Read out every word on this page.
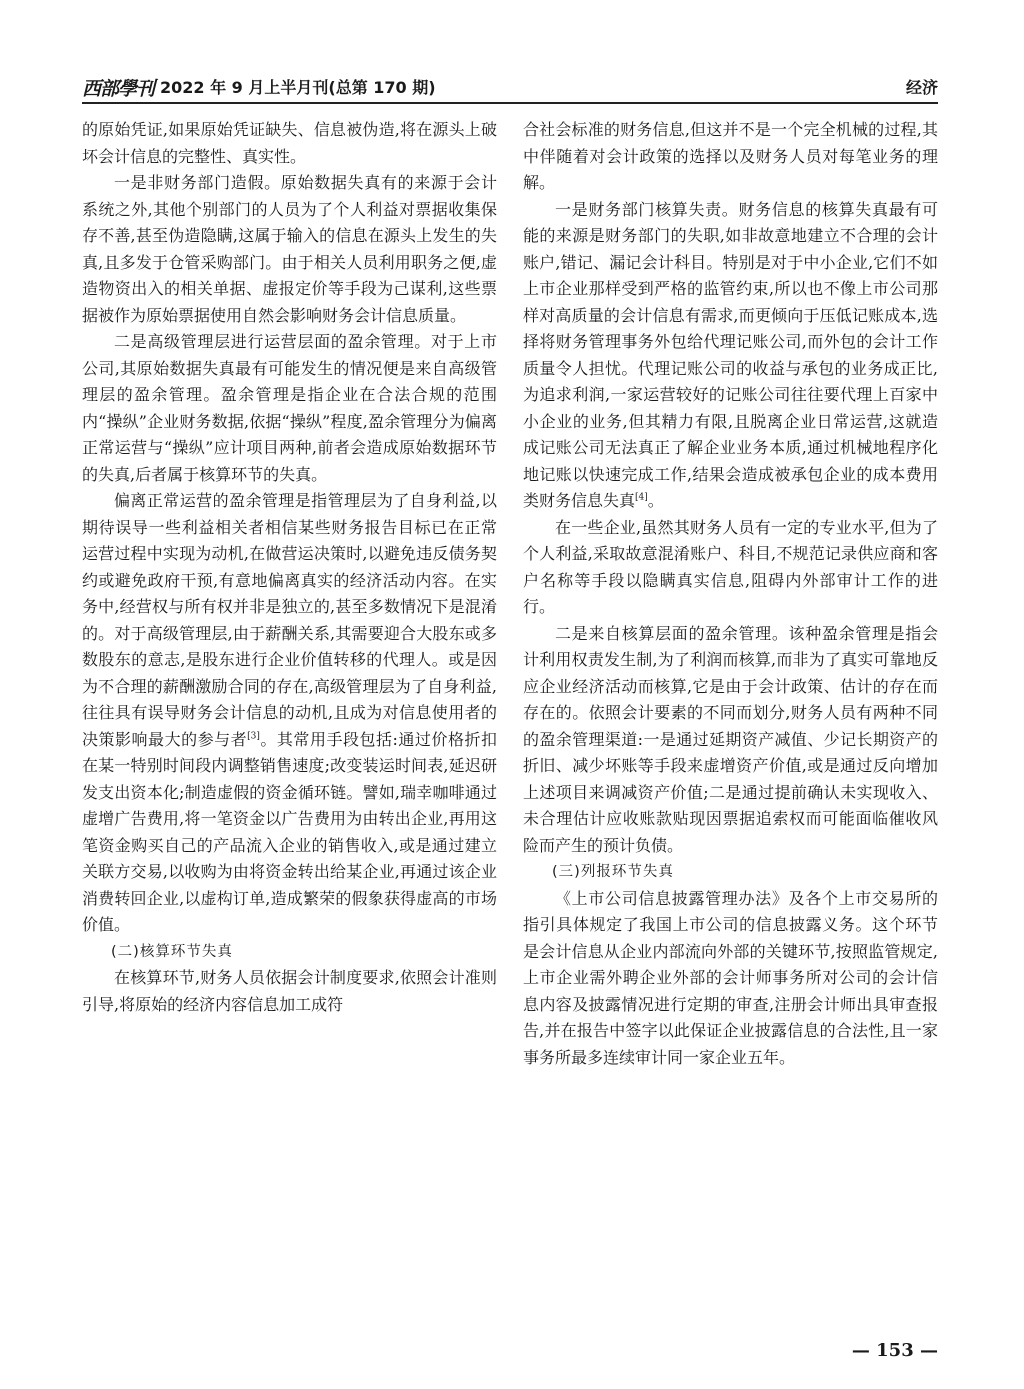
西部學刊 2022 年 9 月上半月刊(总第 170 期)	经济

的原始凭证,如果原始凭证缺失、信息被伪造,将在源头上破坏会计信息的完整性、真实性。

一是非财务部门造假。原始数据失真有的来源于会计系统之外,其他个别部门的人员为了个人利益对票据收集保存不善,甚至伪造隐瞒,这属于输入的信息在源头上发生的失真,且多发于仓管采购部门。由于相关人员利用职务之便,虚造物资出入的相关单据、虚报定价等手段为己谋利,这些票据被作为原始票据使用自然会影响财务会计信息质量。

二是高级管理层进行运营层面的盈余管理。对于上市公司,其原始数据失真最有可能发生的情况便是来自高级管理层的盈余管理。盈余管理是指企业在合法合规的范围内“操纵”企业财务数据,依据“操纵”程度,盈余管理分为偏离正常运营与“操纵”应计项目两种,前者会造成原始数据环节的失真,后者属于核算环节的失真。

偏离正常运营的盈余管理是指管理层为了自身利益,以期待误导一些利益相关者相信某些财务报告目标已在正常运营过程中实现为动机,在做营运决策时,以避免违反债务契约或避免政府干预,有意地偏离真实的经济活动内容。在实务中,经营权与所有权并非是独立的,甚至多数情况下是混淆的。对于高级管理层,由于薪酬关系,其需要迎合大股东或多数股东的意志,是股东进行企业价值转移的代理人。或是因为不合理的薪酬激励合同的存在,高级管理层为了自身利益,往往具有误导财务会计信息的动机,且成为对信息使用者的决策影响最大的参与者[3]。其常用手段包括:通过价格折扣在某一特别时间段内调整销售速度;改变装运时间表,延迟研发支出资本化;制造虚假的资金循环链。譬如,瑞幸咖啡通过虚增广告费用,将一笔资金以广告费用为由转出企业,再用这笔资金购买自己的产品流入企业的销售收入,或是通过建立关联方交易,以收购为由将资金转出给某企业,再通过该企业消费转回企业,以虚构订单,造成繁荣的假象获得虚高的市场价值。

(二)核算环节失真

在核算环节,财务人员依据会计制度要求,依照会计准则引导,将原始的经济内容信息加工成符

合社会标准的财务信息,但这并不是一个完全机械的过程,其中伴随着对会计政策的选择以及财务人员对每笔业务的理解。

一是财务部门核算失责。财务信息的核算失真最有可能的来源是财务部门的失职,如非故意地建立不合理的会计账户,错记、漏记会计科目。特别是对于中小企业,它们不如上市企业那样受到严格的监管约束,所以也不像上市公司那样对高质量的会计信息有需求,而更倾向于压低记账成本,选择将财务管理事务外包给代理记账公司,而外包的会计工作质量令人担忧。代理记账公司的收益与承包的业务成正比,为追求利润,一家运营较好的记账公司往往要代理上百家中小企业的业务,但其精力有限,且脱离企业日常运营,这就造成记账公司无法真正了解企业业务本质,通过机械地程序化地记账以快速完成工作,结果会造成被承包企业的成本费用类财务信息失真[4]。

在一些企业,虽然其财务人员有一定的专业水平,但为了个人利益,采取故意混淆账户、科目,不规范记录供应商和客户名称等手段以隐瞒真实信息,阻碍内外部审计工作的进行。

二是来自核算层面的盈余管理。该种盈余管理是指会计利用权责发生制,为了利润而核算,而非为了真实可靠地反应企业经济活动而核算,它是由于会计政策、估计的存在而存在的。依照会计要素的不同而划分,财务人员有两种不同的盈余管理渠道:一是通过延期资产减值、少记长期资产的折旧、减少坏账等手段来虚增资产价值,或是通过反向增加上述项目来调减资产价值;二是通过提前确认未实现收入、未合理估计应收账款贴现因票据追索权而可能面临催收风险而产生的预计负债。

(三)列报环节失真

《上市公司信息披露管理办法》及各个上市交易所的指引具体规定了我国上市公司的信息披露义务。这个环节是会计信息从企业内部流向外部的关键环节,按照监管规定,上市企业需外聘企业外部的会计师事务所对公司的会计信息内容及披露情况进行定期的审查,注册会计师出具审查报告,并在报告中签字以此保证企业披露信息的合法性,且一家事务所最多连续审计同一家企业五年。

— 153 —
